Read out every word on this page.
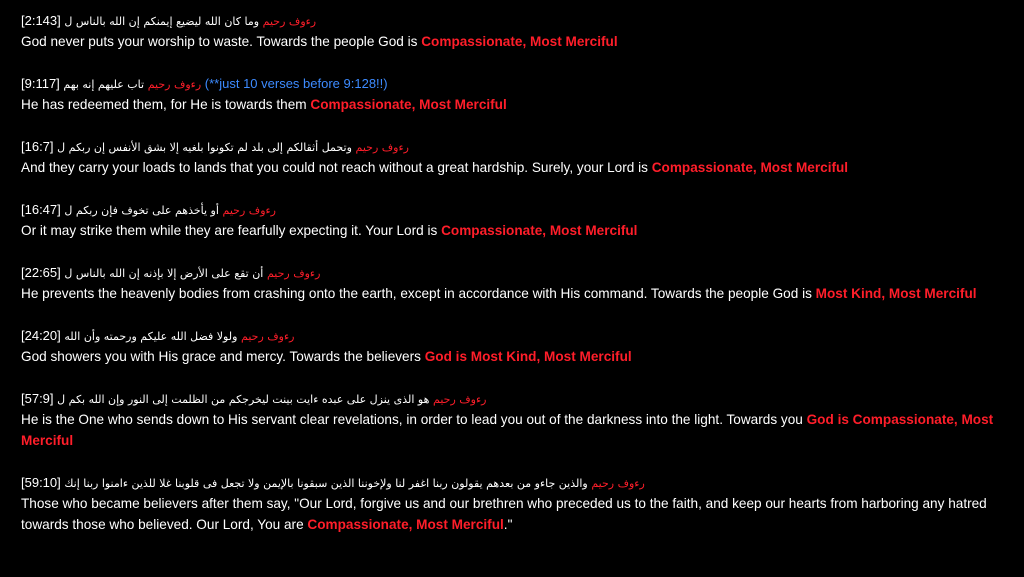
[2:143]	رءوف رحيم وما كان الله ليضيع إيمنكم إن الله بالناس ل
God never puts your worship to waste. Towards the people God is Compassionate, Most Merciful
[9:117]	رءوف رحيم تاب عليهم إنه بهم	(**just 10 verses before 9:128!!)
He has redeemed them, for He is towards them Compassionate, Most Merciful
[16:7]	رءوف رحيم وتحمل أثقالكم إلى بلد لم تكونوا بلغيه إلا بشق الأنفس إن ربكم ل
And they carry your loads to lands that you could not reach without a great hardship. Surely, your Lord is Compassionate, Most Merciful
[16:47]	رءوف رحيم أو يأخذهم على تخوف فإن ربكم ل
Or it may strike them while they are fearfully expecting it. Your Lord is Compassionate, Most Merciful
[22:65]	رءوف رحيم أن تقع على الأرض إلا بإذنه إن الله بالناس ل
He prevents the heavenly bodies from crashing onto the earth, except in accordance with His command. Towards the people God is Most Kind, Most Merciful
[24:20]	رءوف رحيم ولولا فضل الله عليكم ورحمته وأن الله
God showers you with His grace and mercy. Towards the believers God is Most Kind, Most Merciful
[57:9]	رءوف رحيم هو الذى ينزل على عبده ءايت بينت ليخرجكم من الظلمت إلى النور وإن الله بكم ل
He is the One who sends down to His servant clear revelations, in order to lead you out of the darkness into the light. Towards you God is Compassionate, Most Merciful
[59:10]	رءوف رحيم والذين جاءو من بعدهم يقولون ربنا اغفر لنا ولإخوننا الذين سبقونا بالإيمن ولا تجعل فى قلوبنا غلا للذين ءامنوا ربنا إنك
Those who became believers after them say, "Our Lord, forgive us and our brethren who preceded us to the faith, and keep our hearts from harboring any hatred towards those who believed. Our Lord, You are Compassionate, Most Merciful."
